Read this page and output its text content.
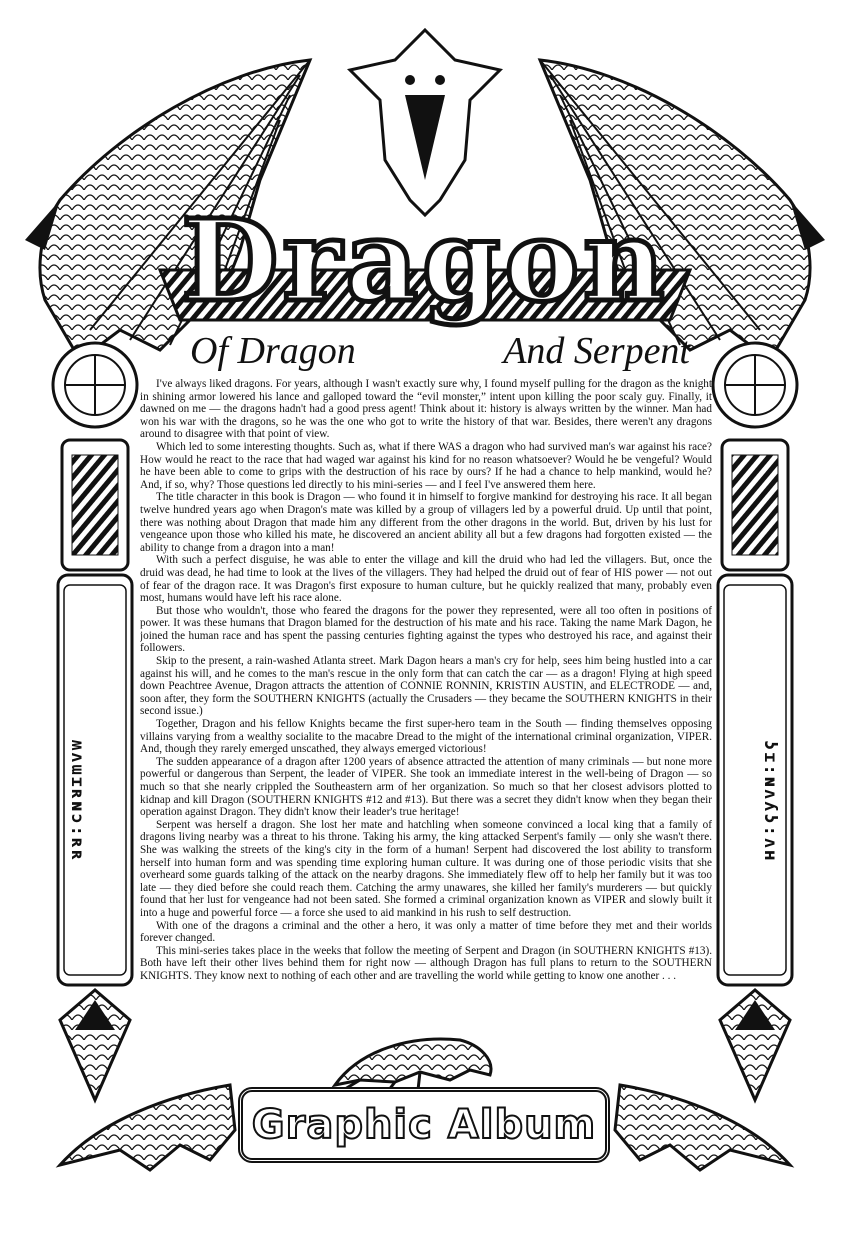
Dragon
Of Dragon	And Serpent

I've always liked dragons. For years, although I wasn't exactly sure why, I found myself pulling for the dragon as the knight in shining armor lowered his lance and galloped toward the “evil monster,” intent upon killing the poor scaly guy. Finally, it dawned on me — the dragons hadn't had a good press agent! Think about it: history is always written by the winner. Man had won his war with the dragons, so he was the one who got to write the history of that war. Besides, there weren't any dragons around to disagree with that point of view.

Which led to some interesting thoughts. Such as, what if there WAS a dragon who had survived man's war against his race? How would he react to the race that had waged war against his kind for no reason whatsoever? Would he be vengeful? Would he have been able to come to grips with the destruction of his race by ours? If he had a chance to help mankind, would he? And, if so, why? Those questions led directly to his mini-series — and I feel I've answered them here.

The title character in this book is Dragon — who found it in himself to forgive mankind for destroying his race. It all began twelve hundred years ago when Dragon's mate was killed by a group of villagers led by a powerful druid. Up until that point, there was nothing about Dragon that made him any different from the other dragons in the world. But, driven by his lust for vengeance upon those who killed his mate, he discovered an ancient ability all but a few dragons had forgotten existed — the ability to change from a dragon into a man!

With such a perfect disguise, he was able to enter the village and kill the druid who had led the villagers. But, once the druid was dead, he had time to look at the lives of the villagers. They had helped the druid out of fear of HIS power — not out of fear of the dragon race. It was Dragon's first exposure to human culture, but he quickly realized that many, probably even most, humans would have left his race alone.

But those who wouldn't, those who feared the dragons for the power they represented, were all too often in positions of power. It was these humans that Dragon blamed for the destruction of his mate and his race. Taking the name Mark Dagon, he joined the human race and has spent the passing centuries fighting against the types who destroyed his race, and against their followers.

Skip to the present, a rain-washed Atlanta street. Mark Dagon hears a man's cry for help, sees him being hustled into a car against his will, and he comes to the man's rescue in the only form that can catch the car — as a dragon! Flying at high speed down Peachtree Avenue, Dragon attracts the attention of CONNIE RONNIN, KRISTIN AUSTIN, and ELECTRODE — and, soon after, they form the SOUTHERN KNIGHTS (actually the Crusaders — they became the SOUTHERN KNIGHTS in their second issue.)

Together, Dragon and his fellow Knights became the first super-hero team in the South — finding themselves opposing villains varying from a wealthy socialite to the macabre Dread to the might of the international criminal organization, VIPER. And, though they rarely emerged unscathed, they always emerged victorious!

The sudden appearance of a dragon after 1200 years of absence attracted the attention of many criminals — but none more powerful or dangerous than Serpent, the leader of VIPER. She took an immediate interest in the well-being of Dragon — so much so that she nearly crippled the Southeastern arm of her organization. So much so that her closest advisors plotted to kidnap and kill Dragon (SOUTHERN KNIGHTS #12 and #13). But there was a secret they didn't know when they began their operation against Dragon. They didn't know their leader's true heritage!

Serpent was herself a dragon. She lost her mate and hatchling when someone convinced a local king that a family of dragons living nearby was a threat to his throne. Taking his army, the king attacked Serpent's family — only she wasn't there. She was walking the streets of the king's city in the form of a human! Serpent had discovered the lost ability to transform herself into human form and was spending time exploring human culture. It was during one of those periodic visits that she overheard some guards talking of the attack on the nearby dragons. She immediately flew off to help her family but it was too late — they died before she could reach them. Catching the army unawares, she killed her family's murderers — but quickly found that her lust for vengeance had not been sated. She formed a criminal organization known as VIPER and slowly built it into a huge and powerful force — a force she used to aid mankind in his rush to self destruction.

With one of the dragons a criminal and the other a hero, it was only a matter of time before they met and their worlds forever changed.

This mini-series takes place in the weeks that follow the meeting of Serpent and Dragon (in SOUTHERN KNIGHTS #13). Both have left their other lives behind them for right now — although Dragon has full plans to return to the SOUTHERN KNIGHTS. They know next to nothing of each other and are travelling the world while getting to know one another . . .

ʍʌɯɪʀɴɔ:ʀʀ	ʖɪ:ɴʌʎʖ:ʌʜ
Graphic Album
